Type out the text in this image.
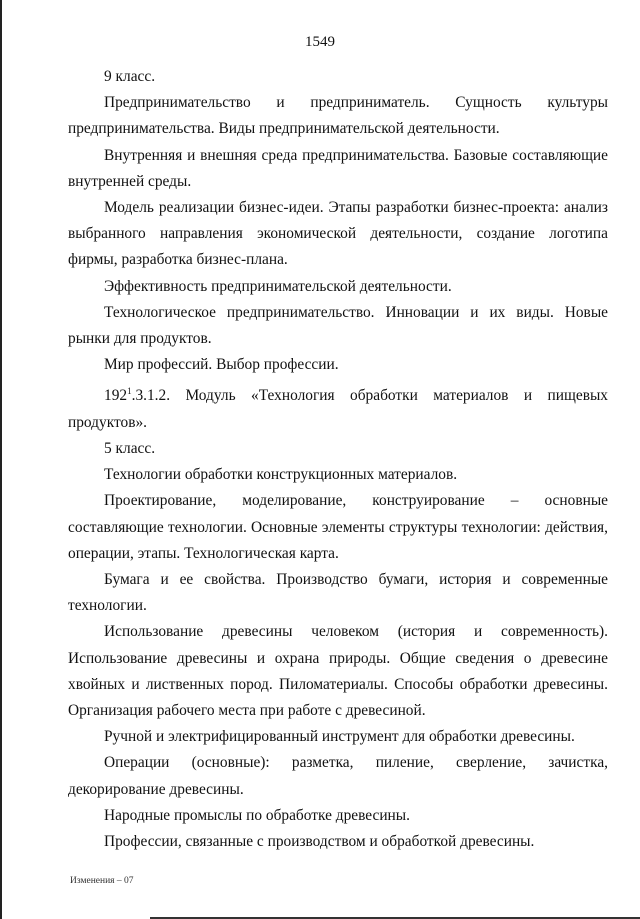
1549

9 класс.

Предпринимательство и предприниматель. Сущность культуры предпринимательства. Виды предпринимательской деятельности.

Внутренняя и внешняя среда предпринимательства. Базовые составляющие внутренней среды.

Модель реализации бизнес-идеи. Этапы разработки бизнес-проекта: анализ выбранного направления экономической деятельности, создание логотипа фирмы, разработка бизнес-плана.

Эффективность предпринимательской деятельности.

Технологическое предпринимательство. Инновации и их виды. Новые рынки для продуктов.

Мир профессий. Выбор профессии.

$192^1.3.1.2$. Модуль «Технология обработки материалов и пищевых продуктов».

5 класс.

Технологии обработки конструкционных материалов.

Проектирование, моделирование, конструирование – основные составляющие технологии. Основные элементы структуры технологии: действия, операции, этапы. Технологическая карта.

Бумага и ее свойства. Производство бумаги, история и современные технологии.

Использование древесины человеком (история и современность). Использование древесины и охрана природы. Общие сведения о древесине хвойных и лиственных пород. Пиломатериалы. Способы обработки древесины. Организация рабочего места при работе с древесиной.

Ручной и электрифицированный инструмент для обработки древесины.

Операции (основные): разметка, пиление, сверление, зачистка, декорирование древесины.

Народные промыслы по обработке древесины.

Профессии, связанные с производством и обработкой древесины.

Изменения – 07
